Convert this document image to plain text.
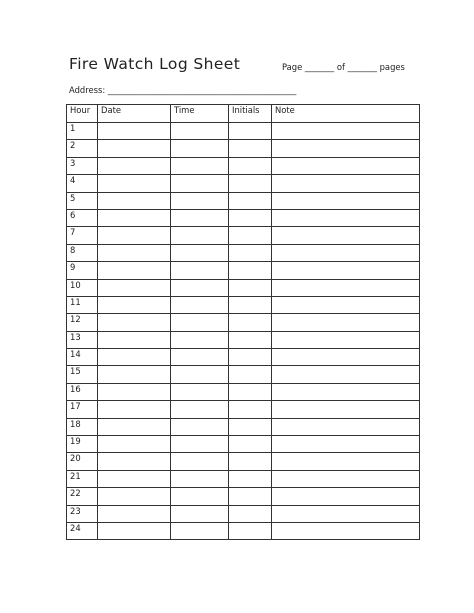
Fire Watch Log Sheet	Page _______ of _______ pages
Address: _____________________________________________
Hour	Date	Time	Initials	Note
1				
2				
3				
4				
5				
6				
7				
8				
9				
10				
11				
12				
13				
14				
15				
16				
17				
18				
19				
20				
21				
22				
23				
24				
